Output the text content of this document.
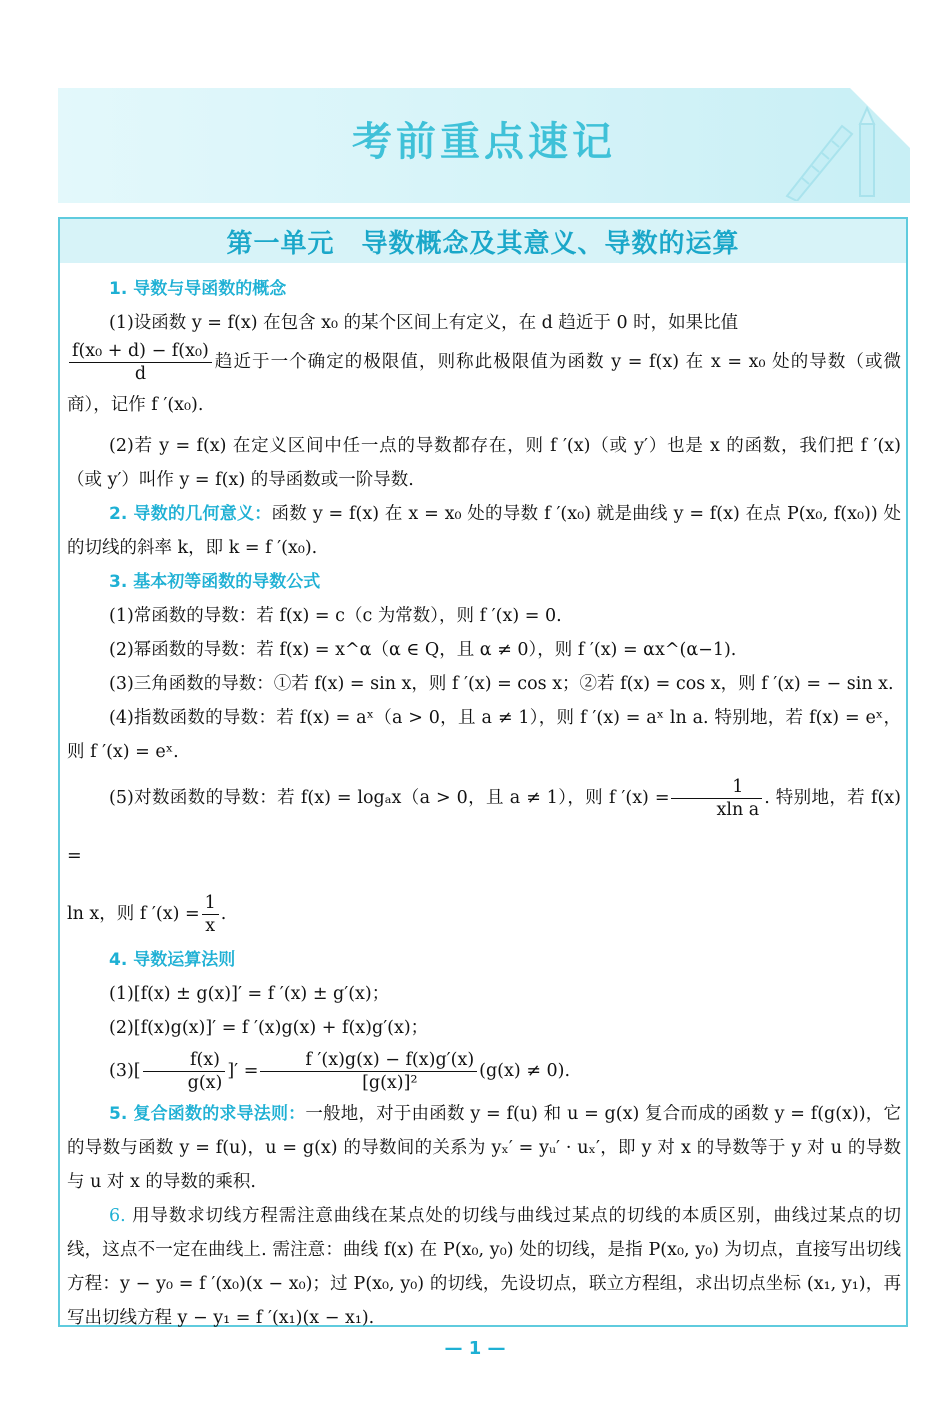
考前重点速记
第一单元　导数概念及其意义、导数的运算

1. 导数与导函数的概念

(1)设函数 y = f(x) 在包含 x₀ 的某个区间上有定义，在 d 趋近于 0 时，如果比值

$\frac{\text{f(x₀ + d) − f(x₀)}}{d}$ 趋近于一个确定的极限值，则称此极限值为函数 y = f(x) 在 x = x₀ 处的导数（或微商），记作 f ′(x₀).

(2)若 y = f(x) 在定义区间中任一点的导数都存在，则 f ′(x)（或 y′）也是 x 的函数，我们把 f ′(x)（或 y′）叫作 y = f(x) 的导函数或一阶导数.

2. 导数的几何意义：函数 y = f(x) 在 x = x₀ 处的导数 f ′(x₀) 就是曲线 y = f(x) 在点 P(x₀, f(x₀)) 处的切线的斜率 k，即 k = f ′(x₀).

3. 基本初等函数的导数公式

(1)常函数的导数：若 f(x) = c（c 为常数），则 f ′(x) = 0.

(2)幂函数的导数：若 f(x) = x^α（α ∈ Q，且 α ≠ 0），则 f ′(x) = αx^(α−1).

(3)三角函数的导数：①若 f(x) = sin x，则 f ′(x) = cos x；②若 f(x) = cos x，则 f ′(x) = − sin x.

(4)指数函数的导数：若 f(x) = aˣ（a > 0，且 a ≠ 1），则 f ′(x) = aˣ ln a. 特别地，若 f(x) = eˣ，则 f ′(x) = eˣ.

(5)对数函数的导数：若 f(x) = logₐx（a > 0，且 a ≠ 1），则 f $'(x) = \frac{1}{\text{xln a}}$ . 特别地，若 f(x) =

ln x，则 f $'(x) = \frac{1}{x}$ .

4. 导数运算法则

(1)[f(x) ± g(x)]′ = f ′(x) ± g′(x)；

(2)[f(x)g(x)]′ = f ′(x)g(x) + f(x)g′(x)；

$(3)[ \frac{f(x)}{g(x)}$ ]′ = $\frac{f '(x)g(x) - f(x)g'(x)}{\text{[g(x)]²}} (g(x) \ne 0)$.

5. 复合函数的求导法则：一般地，对于由函数 y = f(u) 和 u = g(x) 复合而成的函数 y = f(g(x))，它的导数与函数 y = f(u)，u = g(x) 的导数间的关系为 yₓ′ = yᵤ′ · uₓ′，即 y 对 x 的导数等于 y 对 u 的导数与 u 对 x 的导数的乘积.

6. 用导数求切线方程需注意曲线在某点处的切线与曲线过某点的切线的本质区别，曲线过某点的切线，这点不一定在曲线上. 需注意：曲线 f(x) 在 P(x₀, y₀) 处的切线，是指 P(x₀, y₀) 为切点，直接写出切线方程：y − y₀ = f ′(x₀)(x − x₀)；过 P(x₀, y₀) 的切线，先设切点，联立方程组，求出切点坐标 (x₁, y₁)，再写出切线方程 y − y₁ = f ′(x₁)(x − x₁).

— 1 —
